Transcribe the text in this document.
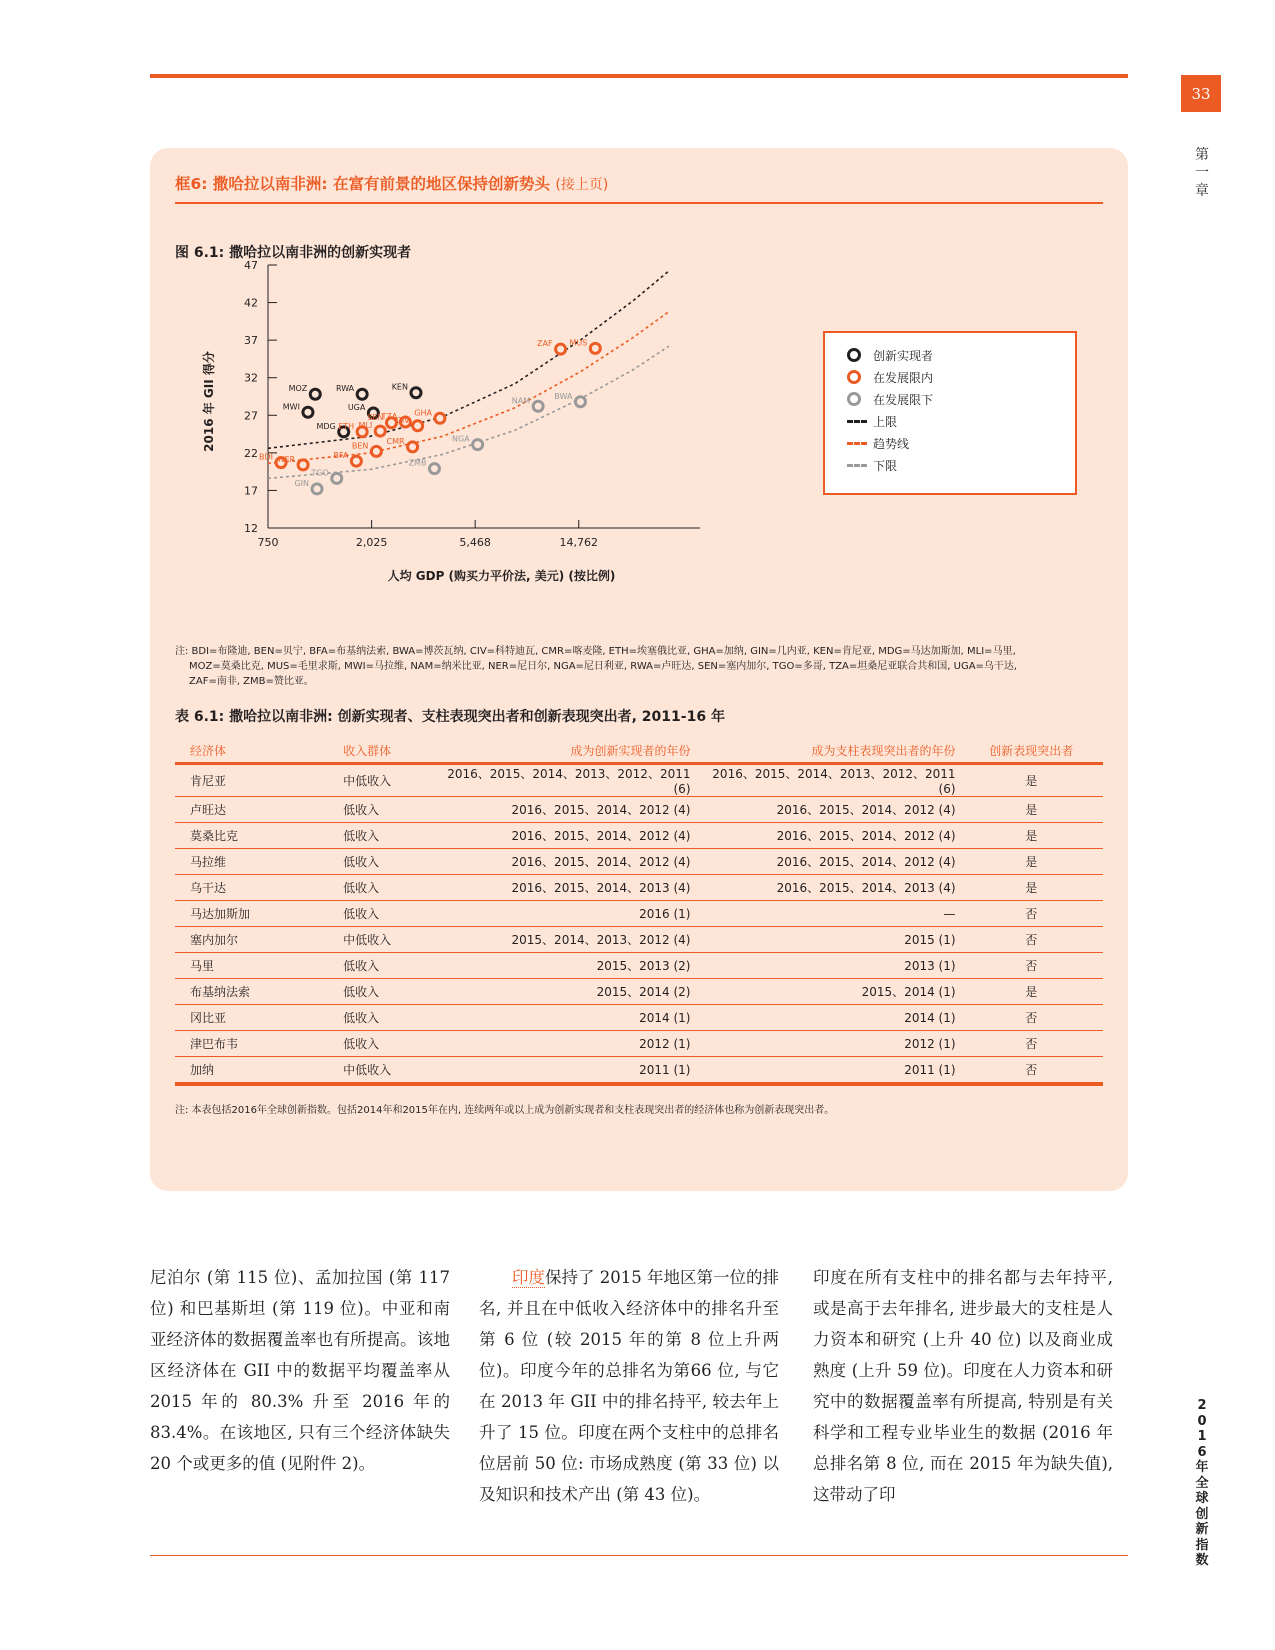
33
第
一
章
2
0
1
6
年
全
球
创
新
指
数
框6: 撒哈拉以南非洲: 在富有前景的地区保持创新势头 (接上页)
图 6.1: 撒哈拉以南非洲的创新实现者
12
17
22
27
32
37
42
47
750	2,025	5,468	14,762
人均 GDP (购买力平价法, 美元) (按比例)
2016 年 GII 得分	MOZ
MWI
RWA
UGA
MDG
KEN
BDI NER
ETH MLI
SEN
TZA
BFA
BEN
CIV
CMR
GHA
ZAF MUS
GIN
TGO
ZMB
NGA
NAM
BWA
创新实现者
在发展限内
在发展限下
上限
趋势线
下限
注: BDI=布隆迪, BEN=贝宁, BFA=布基纳法索, BWA=博茨瓦纳, CIV=科特迪瓦, CMR=喀麦隆, ETH=埃塞俄比亚, GHA=加纳, GIN=几内亚, KEN=肯尼亚, MDG=马达加斯加, MLI=马里,
MOZ=莫桑比克, MUS=毛里求斯, MWI=马拉维, NAM=纳米比亚, NER=尼日尔, NGA=尼日利亚, RWA=卢旺达, SEN=塞内加尔, TGO=多哥, TZA=坦桑尼亚联合共和国, UGA=乌干达,
ZAF=南非, ZMB=赞比亚。
表 6.1: 撒哈拉以南非洲: 创新实现者、支柱表现突出者和创新表现突出者, 2011-16 年
经济体	收入群体	成为创新实现者的年份	成为支柱表现突出者的年份	创新表现突出者
肯尼亚	中低收入	2016、2015、2014、2013、2012、2011 (6)	2016、2015、2014、2013、2012、2011 (6)	是
卢旺达	低收入	2016、2015、2014、2012 (4)	2016、2015、2014、2012 (4)	是
莫桑比克	低收入	2016、2015、2014、2012 (4)	2016、2015、2014、2012 (4)	是
马拉维	低收入	2016、2015、2014、2012 (4)	2016、2015、2014、2012 (4)	是
乌干达	低收入	2016、2015、2014、2013 (4)	2016、2015、2014、2013 (4)	是
马达加斯加	低收入	2016 (1)	—	否
塞内加尔	中低收入	2015、2014、2013、2012 (4)	2015 (1)	否
马里	低收入	2015、2013 (2)	2013 (1)	否
布基纳法索	低收入	2015、2014 (2)	2015、2014 (1)	是
冈比亚	低收入	2014 (1)	2014 (1)	否
津巴布韦	低收入	2012 (1)	2012 (1)	否
加纳	中低收入	2011 (1)	2011 (1)	否
注: 本表包括2016年全球创新指数。包括2014年和2015年在内, 连续两年或以上成为创新实现者和支柱表现突出者的经济体也称为创新表现突出者。
尼泊尔 (第 115 位)、孟加拉国 (第 117 位) 和巴基斯坦 (第 119 位)。中亚和南亚经济体的数据覆盖率也有所提高。该地区经济体在 GII 中的数据平均覆盖率从 2015 年的 80.3% 升至 2016 年的 83.4%。在该地区, 只有三个经济体缺失 20 个或更多的值 (见附件 2)。
印度保持了 2015 年地区第一位的排名, 并且在中低收入经济体中的排名升至第 6 位 (较 2015 年的第 8 位上升两位)。印度今年的总排名为第66 位, 与它在 2013 年 GII 中的排名持平, 较去年上升了 15 位。印度在两个支柱中的总排名位居前 50 位: 市场成熟度 (第 33 位) 以及知识和技术产出 (第 43 位)。
印度在所有支柱中的排名都与去年持平, 或是高于去年排名, 进步最大的支柱是人力资本和研究 (上升 40 位) 以及商业成熟度 (上升 59 位)。印度在人力资本和研究中的数据覆盖率有所提高, 特别是有关科学和工程专业毕业生的数据 (2016 年总排名第 8 位, 而在 2015 年为缺失值), 这带动了印
